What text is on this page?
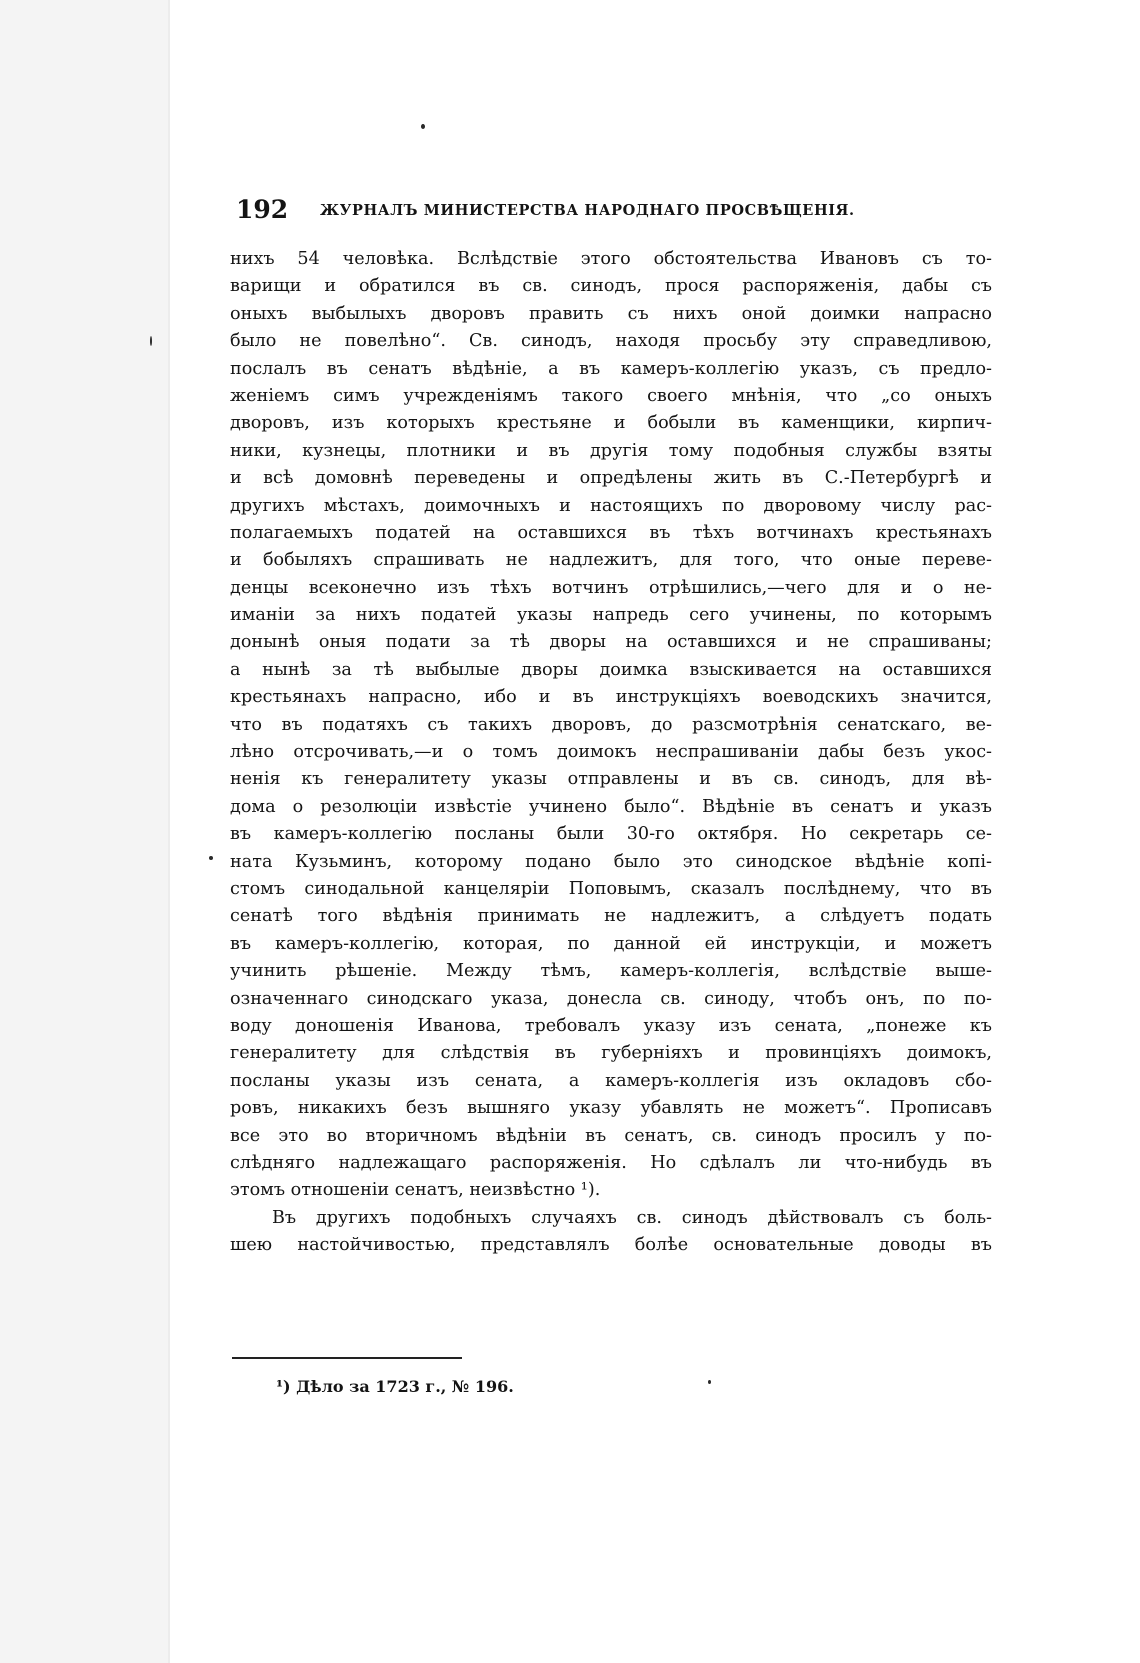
192 ЖУРНАЛЪ МИНИСТЕРСТВА НАРОДНАГО ПРОСВѢЩЕНІЯ.
нихъ 54 человѣка. Вслѣдствіе этого обстоятельства Ивановъ съ то-
варищи и обратился въ св. синодъ, прося распоряженія, дабы съ
оныхъ выбылыхъ дворовъ править съ нихъ оной доимки напрасно
было не повелѣно“. Св. синодъ, находя просьбу эту справедливою,
послалъ въ сенатъ вѣдѣніе, а въ камеръ-коллегію указъ, съ предло-
женіемъ симъ учрежденіямъ такого своего мнѣнія, что „со оныхъ
дворовъ, изъ которыхъ крестьяне и бобыли въ каменщики, кирпич-
ники, кузнецы, плотники и въ другія тому подобныя службы взяты
и всѣ домовнѣ переведены и опредѣлены жить въ С.-Петербургѣ и
другихъ мѣстахъ, доимочныхъ и настоящихъ по дворовому числу рас-
полагаемыхъ податей на оставшихся въ тѣхъ вотчинахъ крестьянахъ
и бобыляхъ спрашивать не надлежитъ, для того, что оные переве-
денцы всеконечно изъ тѣхъ вотчинъ отрѣшились,—чего для и о не-
иманіи за нихъ податей указы напредь сего учинены, по которымъ
донынѣ оныя подати за тѣ дворы на оставшихся и не спрашиваны;
а нынѣ за тѣ выбылые дворы доимка взыскивается на оставшихся
крестьянахъ напрасно, ибо и въ инструкціяхъ воеводскихъ значится,
что въ податяхъ съ такихъ дворовъ, до разсмотрѣнія сенатскаго, ве-
лѣно отсрочивать,—и о томъ доимокъ неспрашиваніи дабы безъ укос-
ненія къ генералитету указы отправлены и въ св. синодъ, для вѣ-
дома о резолюціи извѣстіе учинено было“. Вѣдѣніе въ сенатъ и указъ
въ камеръ-коллегію посланы были 30-го октября. Но секретарь се-
ната Кузьминъ, которому подано было это синодское вѣдѣніе копі-
стомъ синодальной канцеляріи Поповымъ, сказалъ послѣднему, что въ
сенатѣ того вѣдѣнія принимать не надлежитъ, а слѣдуетъ подать
въ камеръ-коллегію, которая, по данной ей инструкціи, и можетъ
учинить рѣшеніе. Между тѣмъ, камеръ-коллегія, вслѣдствіе выше-
означеннаго синодскаго указа, донесла св. синоду, чтобъ онъ, по по-
воду доношенія Иванова, требовалъ указу изъ сената, „понеже къ
генералитету для слѣдствія въ губерніяхъ и провинціяхъ доимокъ,
посланы указы изъ сената, а камеръ-коллегія изъ окладовъ сбо-
ровъ, никакихъ безъ вышняго указу убавлять не можетъ“. Прописавъ
все это во вторичномъ вѣдѣніи въ сенатъ, св. синодъ просилъ у по-
слѣдняго надлежащаго распоряженія. Но сдѣлалъ ли что-нибудь въ
этомъ отношеніи сенатъ, неизвѣстно ¹).
Въ другихъ подобныхъ случаяхъ св. синодъ дѣйствовалъ съ боль-
шею настойчивостью, представлялъ болѣе основательные доводы въ
¹) Дѣло за 1723 г., № 196.
